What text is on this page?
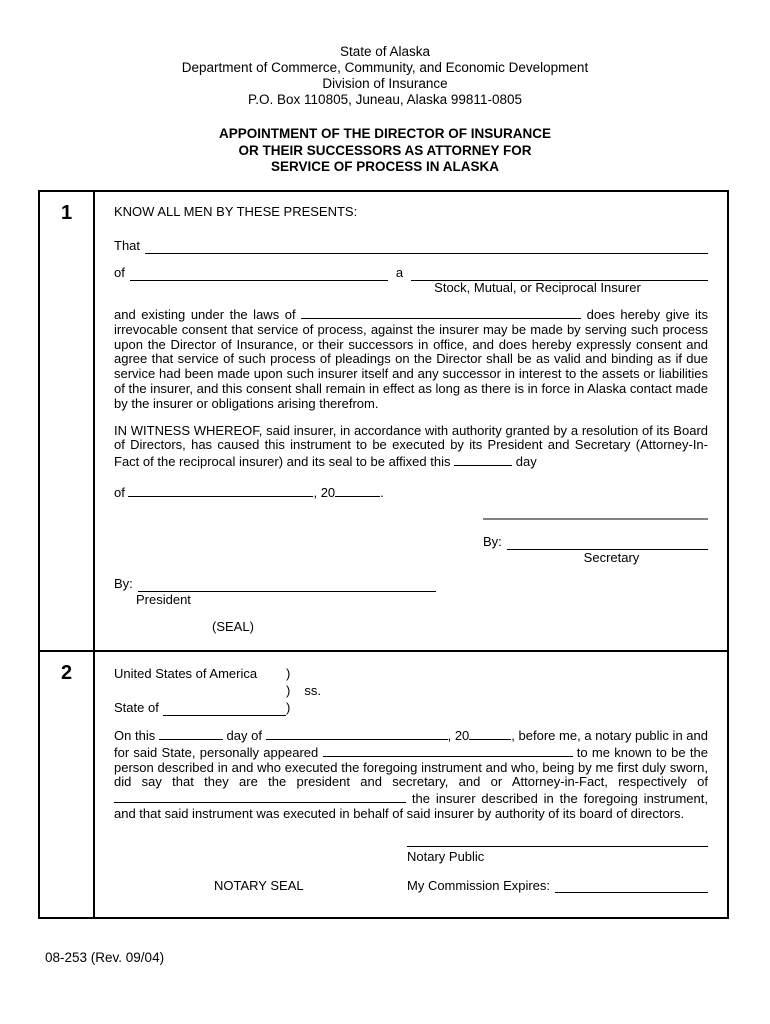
State of Alaska
Department of Commerce, Community, and Economic Development
Division of Insurance
P.O. Box 110805, Juneau, Alaska 99811-0805
APPOINTMENT OF THE DIRECTOR OF INSURANCE
OR THEIR SUCCESSORS AS ATTORNEY FOR
SERVICE OF PROCESS IN ALASKA
1	KNOW ALL MEN BY THESE PRESENTS:

That
of	a
Stock, Mutual, or Reciprocal Insurer

and existing under the laws of	does hereby give its irrevocable consent that service of process, against the insurer may be made by serving such process upon the Director of Insurance, or their successors in office, and does hereby expressly consent and agree that service of such process of pleadings on the Director shall be as valid and binding as if due service had been made upon such insurer itself and any successor in interest to the assets or liabilities of the insurer, and this consent shall remain in effect as long as there is in force in Alaska contact made by the insurer or obligations arising therefrom.

IN WITNESS WHEREOF, said insurer, in accordance with authority granted by a resolution of its Board of Directors, has caused this instrument to be executed by its President and Secretary (Attorney-In-Fact of the reciprocal insurer) and its seal to be affixed this	day

of	, 20	.
By:
Secretary
By:
President
(SEAL)
2	United States of America )
) ss.
State of	)

On this	day of	, 20	, before me, a notary public in and for said State, personally appeared	to me known to be the person described in and who executed the foregoing instrument and who, being by me first duly sworn, did say that they are the president and secretary, and or Attorney-in-Fact, respectively of  the insurer described in the foregoing instrument, and that said instrument was executed in behalf of said insurer by authority of its board of directors.

NOTARY SEAL
Notary Public
My Commission Expires:
08-253 (Rev. 09/04)
